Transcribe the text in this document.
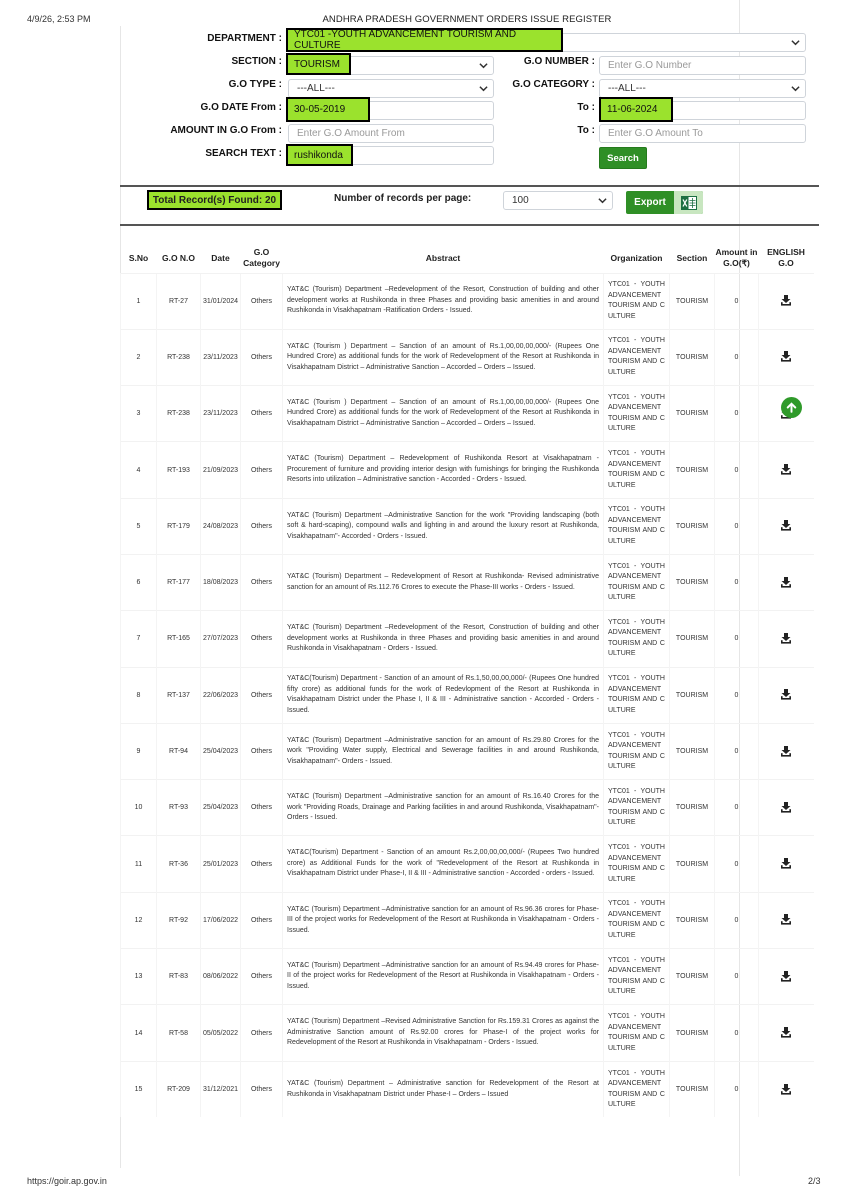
4/9/26, 2:53 PM	ANDHRA PRADESH GOVERNMENT ORDERS ISSUE REGISTER
https://goir.ap.gov.in	2/3
DEPARTMENT :	YTC01 -YOUTH ADVANCEMENT TOURISM AND CULTURE
SECTION :	TOURISM	G.O NUMBER :	Enter G.O Number
G.O TYPE : ---ALL---	G.O CATEGORY : ---ALL---
G.O DATE From :	30-05-2019	To :	11-06-2024
AMOUNT IN G.O From :	Enter G.O Amount From	To :	Enter G.O Amount To
SEARCH TEXT :	rushikonda	Search
Total Record(s) Found: 20	Number of records per page:	100	Export
S.No	G.O N.O	Date	G.O Category	Abstract	Organization	Section	Amount in G.O(₹)	ENGLISH G.O
1	RT-27	31/01/2024	Others	YAT&C (Tourism) Department –Redevelopment of the Resort, Construction of building and other development works at Rushikonda in three Phases and providing basic amenities in and around Rushikonda in Visakhapatnam -Ratification Orders - Issued.	YTC01 - YOUTH ADVANCEMENT TOURISM AND C ULTURE	TOURISM	0	
2	RT-238	23/11/2023	Others	YAT&C (Tourism ) Department – Sanction of an amount of Rs.1,00,00,00,000/- (Rupees One Hundred Crore) as additional funds for the work of Redevelopment of the Resort at Rushikonda in Visakhapatnam District – Administrative Sanction – Accorded – Orders – Issued.	YTC01 - YOUTH ADVANCEMENT TOURISM AND C ULTURE	TOURISM	0	
3	RT-238	23/11/2023	Others	YAT&C (Tourism ) Department – Sanction of an amount of Rs.1,00,00,00,000/- (Rupees One Hundred Crore) as additional funds for the work of Redevelopment of the Resort at Rushikonda in Visakhapatnam District – Administrative Sanction – Accorded – Orders – Issued.	YTC01 - YOUTH ADVANCEMENT TOURISM AND C ULTURE	TOURISM	0	
4	RT-193	21/09/2023	Others	YAT&C (Tourism) Department – Redevelopment of Rushikonda Resort at Visakhapatnam - Procurement of furniture and providing interior design with furnishings for bringing the Rushikonda Resorts into utilization – Administrative sanction - Accorded - Orders - Issued.	YTC01 - YOUTH ADVANCEMENT TOURISM AND C ULTURE	TOURISM	0	
5	RT-179	24/08/2023	Others	YAT&C (Tourism) Department –Administrative Sanction for the work "Providing landscaping (both soft & hard-scaping), compound walls and lighting in and around the luxury resort at Rushikonda, Visakhapatnam"- Accorded - Orders - Issued.	YTC01 - YOUTH ADVANCEMENT TOURISM AND C ULTURE	TOURISM	0	
6	RT-177	18/08/2023	Others	YAT&C (Tourism) Department – Redevelopment of Resort at Rushikonda- Revised administrative sanction for an amount of Rs.112.76 Crores to execute the Phase-III works - Orders - Issued.	YTC01 - YOUTH ADVANCEMENT TOURISM AND C ULTURE	TOURISM	0	
7	RT-165	27/07/2023	Others	YAT&C (Tourism) Department –Redevelopment of the Resort, Construction of building and other development works at Rushikonda in three Phases and providing basic amenities in and around Rushikonda in Visakhapatnam - Orders - Issued.	YTC01 - YOUTH ADVANCEMENT TOURISM AND C ULTURE	TOURISM	0	
8	RT-137	22/06/2023	Others	YAT&C(Tourism) Department - Sanction of an amount of Rs.1,50,00,00,000/- (Rupees One hundred fifty crore) as additional funds for the work of Redevlopment of the Resort at Rushikonda in Visakhapatnam District under the Phase I, II & III - Administrative sanction - Accorded - Orders - Issued.	YTC01 - YOUTH ADVANCEMENT TOURISM AND C ULTURE	TOURISM	0	
9	RT-94	25/04/2023	Others	YAT&C (Tourism) Department –Administrative sanction for an amount of Rs.29.80 Crores for the work "Providing Water supply, Electrical and Sewerage facilities in and around Rushikonda, Visakhapatnam"- Orders - Issued.	YTC01 - YOUTH ADVANCEMENT TOURISM AND C ULTURE	TOURISM	0	
10	RT-93	25/04/2023	Others	YAT&C (Tourism) Department –Administrative sanction for an amount of Rs.16.40 Crores for the work "Providing Roads, Drainage and Parking facilities in and around Rushikonda, Visakhapatnam"- Orders - Issued.	YTC01 - YOUTH ADVANCEMENT TOURISM AND C ULTURE	TOURISM	0	
11	RT-36	25/01/2023	Others	YAT&C(Tourism) Department - Sanction of an amount Rs.2,00,00,00,000/- (Rupees Two hundred crore) as Additional Funds for the work of "Redevelopment of the Resort at Rushikonda in Visakhapatnam District under Phase-I, II & III - Administrative sanction - Accorded - orders - Issued.	YTC01 - YOUTH ADVANCEMENT TOURISM AND C ULTURE	TOURISM	0	
12	RT-92	17/06/2022	Others	YAT&C (Tourism) Department –Administrative sanction for an amount of Rs.96.36 crores for Phase-III of the project works for Redevelopment of the Resort at Rushikonda in Visakhapatnam - Orders - Issued.	YTC01 - YOUTH ADVANCEMENT TOURISM AND C ULTURE	TOURISM	0	
13	RT-83	08/06/2022	Others	YAT&C (Tourism) Department –Administrative sanction for an amount of Rs.94.49 crores for Phase-II of the project works for Redevelopment of the Resort at Rushikonda in Visakhapatnam - Orders - Issued.	YTC01 - YOUTH ADVANCEMENT TOURISM AND C ULTURE	TOURISM	0	
14	RT-58	05/05/2022	Others	YAT&C (Tourism) Department –Revised Administrative Sanction for Rs.159.31 Crores as against the Administrative Sanction amount of Rs.92.00 crores for Phase-I of the project works for Redevelopment of the Resort at Rushikonda in Visakhapatnam - Orders - Issued.	YTC01 - YOUTH ADVANCEMENT TOURISM AND C ULTURE	TOURISM	0	
15	RT-209	31/12/2021	Others	YAT&C (Tourism) Department – Administrative sanction for Redevelopment of the Resort at Rushikonda in Visakhapatnam District under Phase-I – Orders – Issued	YTC01 - YOUTH ADVANCEMENT TOURISM AND C ULTURE	TOURISM	0	
